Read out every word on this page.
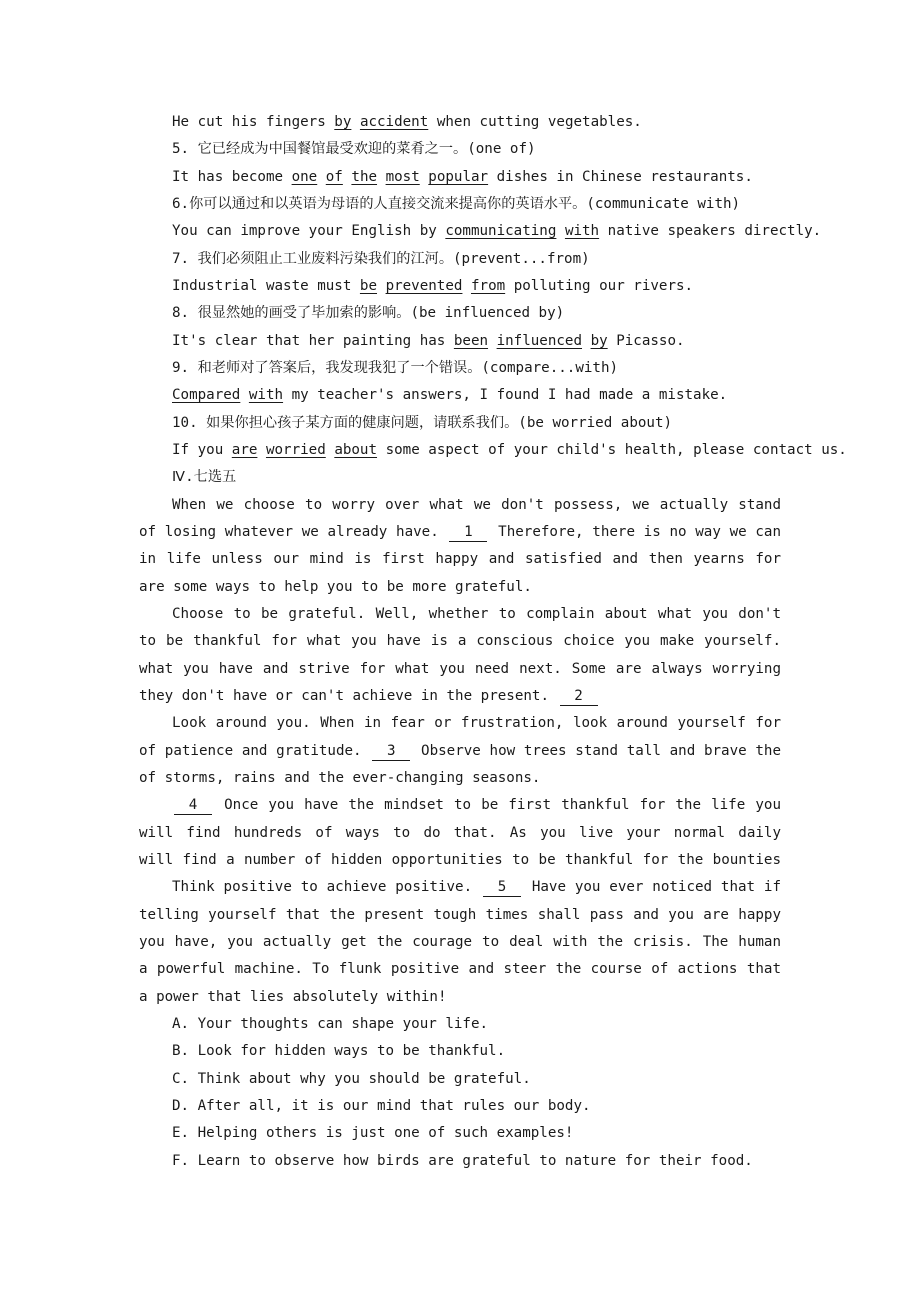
He cut his fingers by accident when cutting vegetables.
5. 它已经成为中国餐馆最受欢迎的菜肴之一。(one of)
It has become one of the most popular dishes in Chinese restaurants.
6.你可以通过和以英语为母语的人直接交流来提高你的英语水平。(communicate with)
You can improve your English by communicating with native speakers directly.
7. 我们必须阻止工业废料污染我们的江河。(prevent...from)
Industrial waste must be prevented from polluting our rivers.
8. 很显然她的画受了毕加索的影响。(be influenced by)
It's clear that her painting has been influenced by Picasso.
9. 和老师对了答案后，我发现我犯了一个错误。(compare...with)
Compared with my teacher's answers, I found I had made a mistake.
10. 如果你担心孩子某方面的健康问题，请联系我们。(be worried about)
If you are worried about some aspect of your child's health, please contact us.
Ⅳ.七选五
When we choose to worry over what we don't possess, we actually stand
of losing whatever we already have. 1 Therefore, there is no way we can
in life unless our mind is first happy and satisfied and then yearns for
are some ways to help you to be more grateful.
Choose to be grateful. Well, whether to complain about what you don't
to be thankful for what you have is a conscious choice you make yourself.
what you have and strive for what you need next. Some are always worrying
they don't have or can't achieve in the present. 2
Look around you. When in fear or frustration, look around yourself for
of patience and gratitude. 3 Observe how trees stand tall and brave the
of storms, rains and the ever-changing seasons.
4 Once you have the mindset to be first thankful for the life you
will find hundreds of ways to do that. As you live your normal daily
will find a number of hidden opportunities to be thankful for the bounties
Think positive to achieve positive. 5 Have you ever noticed that if
telling yourself that the present tough times shall pass and you are happy
you have, you actually get the courage to deal with the crisis. The human
a powerful machine. To flunk positive and steer the course of actions that
a power that lies absolutely within!
A. Your thoughts can shape your life.
B. Look for hidden ways to be thankful.
C. Think about why you should be grateful.
D. After all, it is our mind that rules our body.
E. Helping others is just one of such examples!
F. Learn to observe how birds are grateful to nature for their food.
